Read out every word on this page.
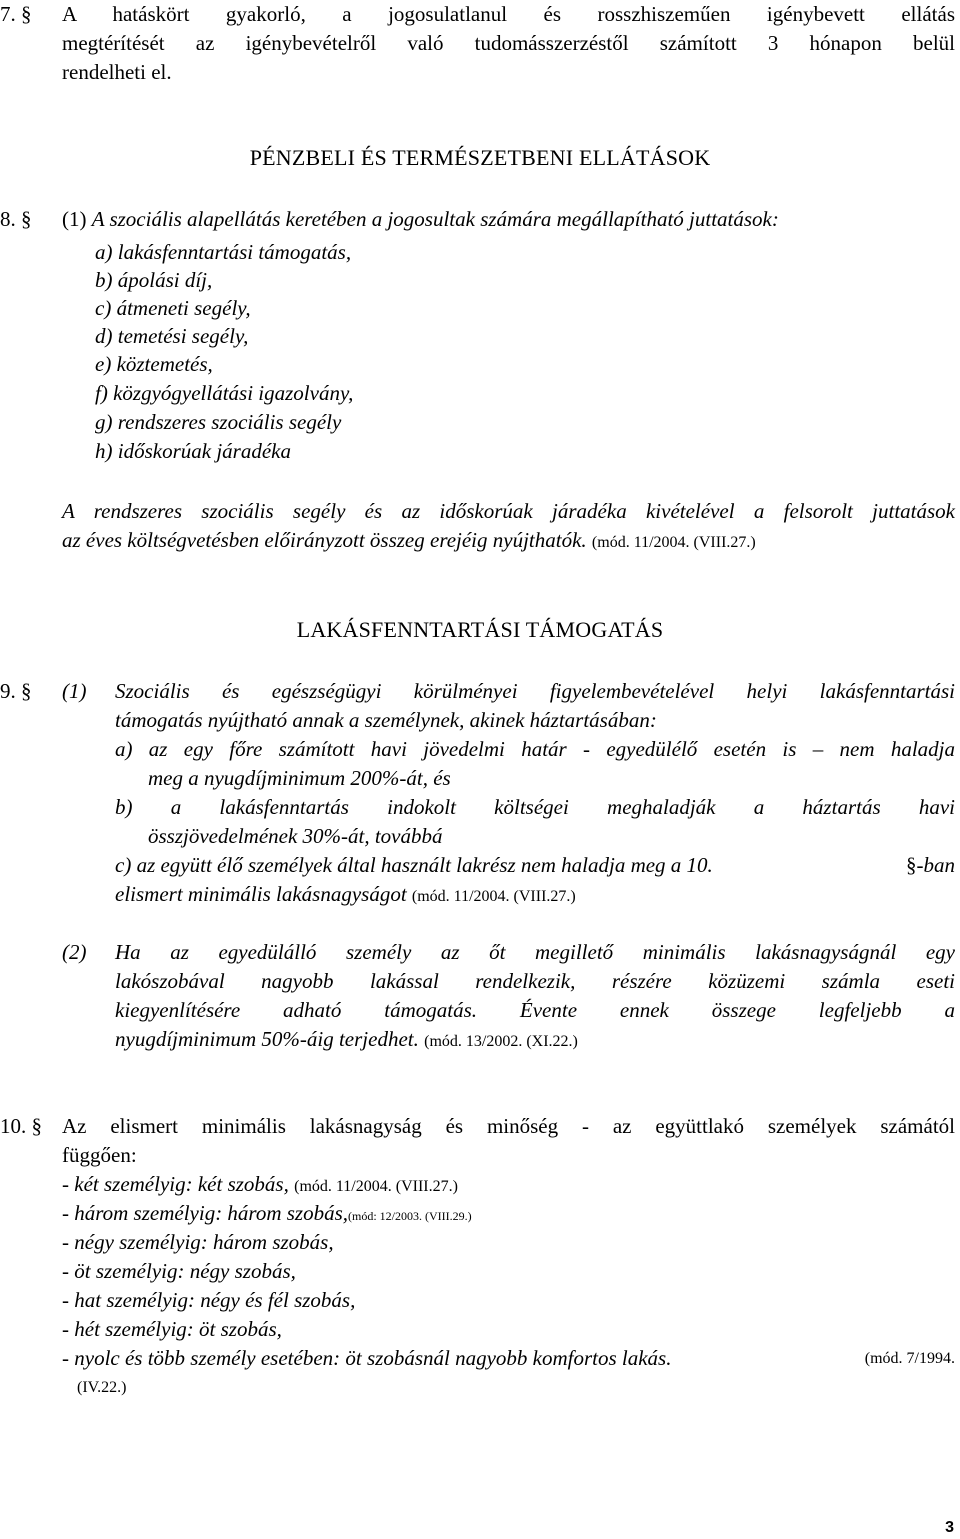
7. § A hatáskört gyakorló, a jogosulatlanul és rosszhiszeműen igénybevett ellátás
megtérítését az igénybevételről való tudomásszerzéstől számított 3 hónapon belül
rendelheti el.
PÉNZBELI ÉS TERMÉSZETBENI ELLÁTÁSOK
8. § (1) A szociális alapellátás keretében a jogosultak számára megállapítható juttatások:
a) lakásfenntartási támogatás,
b) ápolási díj,
c) átmeneti segély,
d) temetési segély,
e) köztemetés,
f) közgyógyellátási igazolvány,
g) rendszeres szociális segély
h) időskorúak járadéka
A rendszeres szociális segély és az időskorúak járadéka kivételével a felsorolt juttatások
az éves költségvetésben előirányzott összeg erejéig nyújthatók. (mód. 11/2004. (VIII.27.)
LAKÁSFENNTARTÁSI TÁMOGATÁS
9. § (1) Szociális és egészségügyi körülményei figyelembevételével helyi lakásfenntartási
támogatás nyújtható annak a személynek, akinek háztartásában:
a) az egy főre számított havi jövedelmi határ - egyedülélő esetén is – nem haladja
meg a nyugdíjminimum 200%-át, és
b) a lakásfenntartás indokolt költségei meghaladják a háztartás havi
összjövedelmének 30%-át, továbbá
c) az együtt élő személyek által használt lakrész nem haladja meg a 10.	§-ban
elismert minimális lakásnagyságot (mód. 11/2004. (VIII.27.)
(2) Ha az egyedülálló személy az őt megillető minimális lakásnagyságnál egy
lakószobával nagyobb lakással rendelkezik, részére közüzemi számla eseti
kiegyenlítésére adható támogatás. Évente ennek összege legfeljebb a
nyugdíjminimum 50%-áig terjedhet. (mód. 13/2002. (XI.22.)
10. § Az elismert minimális lakásnagyság és minőség - az együttlakó személyek számától
függően:
- két személyig: két szobás, (mód. 11/2004. (VIII.27.)
- három személyig: három szobás,(mód: 12/2003. (VIII.29.)
- négy személyig: három szobás,
- öt személyig: négy szobás,
- hat személyig: négy és fél szobás,
- hét személyig: öt szobás,
- nyolc és több személy esetében: öt szobásnál nagyobb komfortos lakás.	(mód. 7/1994.
(IV.22.)
3
